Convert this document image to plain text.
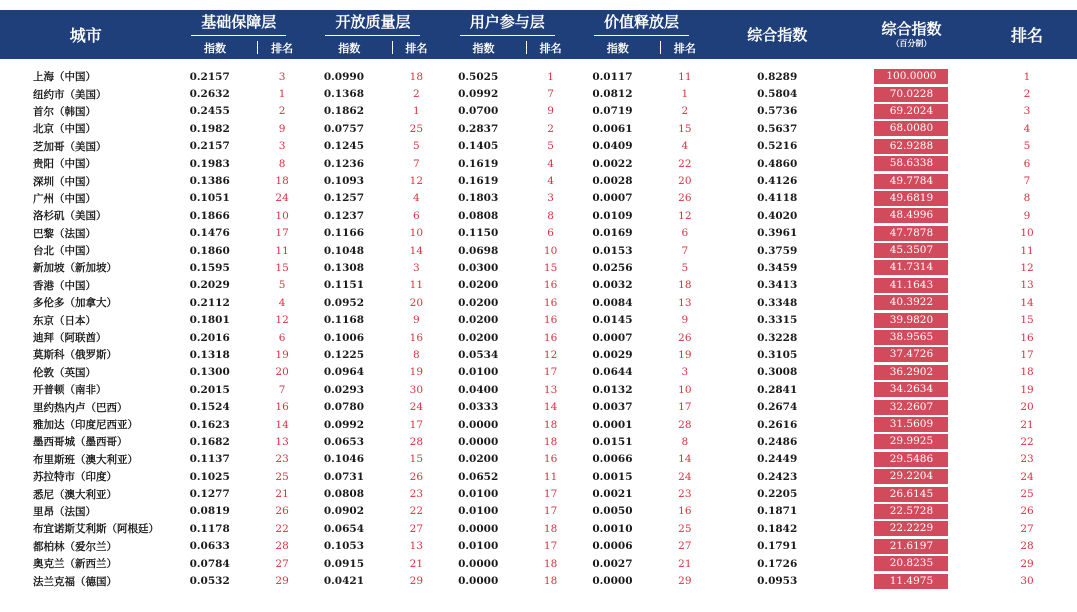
城市	基础保障层		开放质量层		用户参与层		价值释放层		综合指数	综合指数
（百分制）	排名
	指数	排名	指数	排名	指数	排名	指数	排名			

上海（中国）	0.2157	3	0.0990	18	0.5025	1	0.0117	11	0.8289	100.0000	1
纽约市（美国）	0.2632	1	0.1368	2	0.0992	7	0.0812	1	0.5804	70.0228	2
首尔（韩国）	0.2455	2	0.1862	1	0.0700	9	0.0719	2	0.5736	69.2024	3
北京（中国）	0.1982	9	0.0757	25	0.2837	2	0.0061	15	0.5637	68.0080	4
芝加哥（美国）	0.2157	3	0.1245	5	0.1405	5	0.0409	4	0.5216	62.9288	5
贵阳（中国）	0.1983	8	0.1236	7	0.1619	4	0.0022	22	0.4860	58.6338	6
深圳（中国）	0.1386	18	0.1093	12	0.1619	4	0.0028	20	0.4126	49.7784	7
广州（中国）	0.1051	24	0.1257	4	0.1803	3	0.0007	26	0.4118	49.6819	8
洛杉矶（美国）	0.1866	10	0.1237	6	0.0808	8	0.0109	12	0.4020	48.4996	9
巴黎（法国）	0.1476	17	0.1166	10	0.1150	6	0.0169	6	0.3961	47.7878	10
台北（中国）	0.1860	11	0.1048	14	0.0698	10	0.0153	7	0.3759	45.3507	11
新加坡（新加坡）	0.1595	15	0.1308	3	0.0300	15	0.0256	5	0.3459	41.7314	12
香港（中国）	0.2029	5	0.1151	11	0.0200	16	0.0032	18	0.3413	41.1643	13
多伦多（加拿大）	0.2112	4	0.0952	20	0.0200	16	0.0084	13	0.3348	40.3922	14
东京（日本）	0.1801	12	0.1168	9	0.0200	16	0.0145	9	0.3315	39.9820	15
迪拜（阿联酋）	0.2016	6	0.1006	16	0.0200	16	0.0007	26	0.3228	38.9565	16
莫斯科（俄罗斯）	0.1318	19	0.1225	8	0.0534	12	0.0029	19	0.3105	37.4726	17
伦敦（英国）	0.1300	20	0.0964	19	0.0100	17	0.0644	3	0.3008	36.2902	18
开普顿（南非）	0.2015	7	0.0293	30	0.0400	13	0.0132	10	0.2841	34.2634	19
里约热内卢（巴西）	0.1524	16	0.0780	24	0.0333	14	0.0037	17	0.2674	32.2607	20
雅加达（印度尼西亚）	0.1623	14	0.0992	17	0.0000	18	0.0001	28	0.2616	31.5609	21
墨西哥城（墨西哥）	0.1682	13	0.0653	28	0.0000	18	0.0151	8	0.2486	29.9925	22
布里斯班（澳大利亚）	0.1137	23	0.1046	15	0.0200	16	0.0066	14	0.2449	29.5486	23
苏拉特市（印度）	0.1025	25	0.0731	26	0.0652	11	0.0015	24	0.2423	29.2204	24
悉尼（澳大利亚）	0.1277	21	0.0808	23	0.0100	17	0.0021	23	0.2205	26.6145	25
里昂（法国）	0.0819	26	0.0902	22	0.0100	17	0.0050	16	0.1871	22.5728	26
布宜诺斯艾利斯（阿根廷）	0.1178	22	0.0654	27	0.0000	18	0.0010	25	0.1842	22.2229	27
都柏林（爱尔兰）	0.0633	28	0.1053	13	0.0100	17	0.0006	27	0.1791	21.6197	28
奥克兰（新西兰）	0.0784	27	0.0915	21	0.0000	18	0.0027	21	0.1726	20.8235	29
法兰克福（德国）	0.0532	29	0.0421	29	0.0000	18	0.0000	29	0.0953	11.4975	30
